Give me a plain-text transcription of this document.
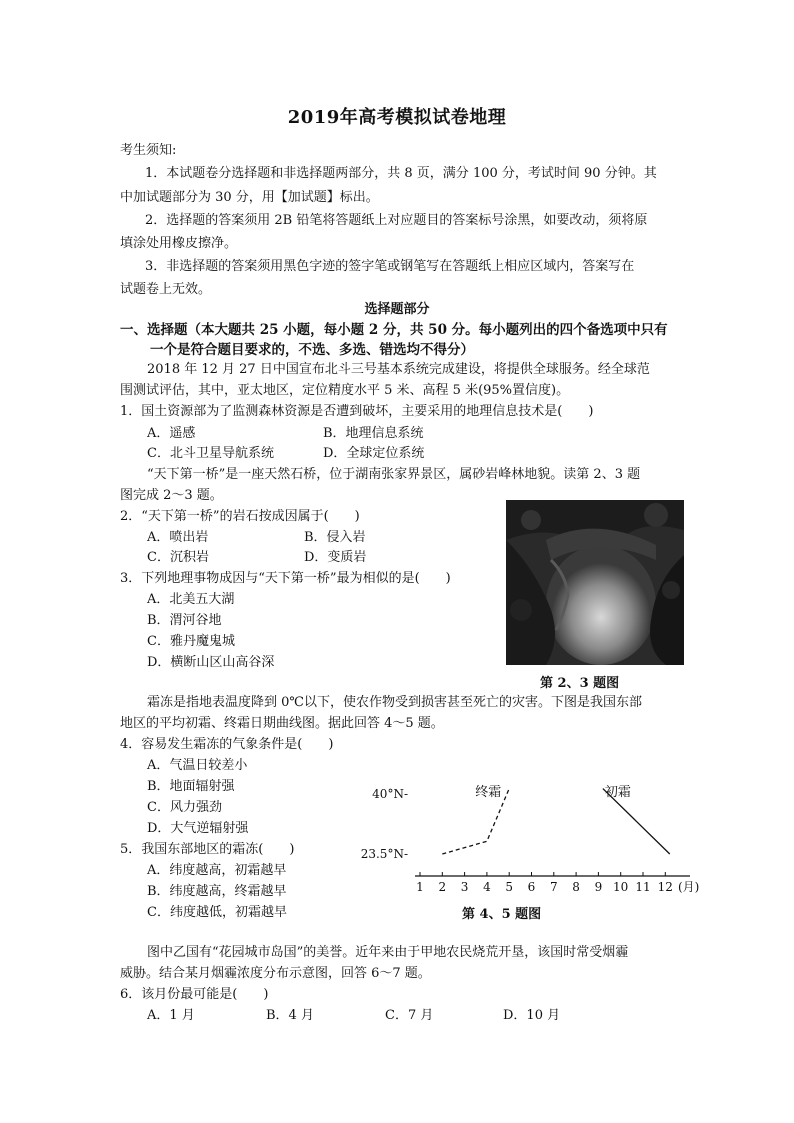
2019年高考模拟试卷地理
考生须知:
1．本试题卷分选择题和非选择题两部分，共 8 页，满分 100 分，考试时间 90 分钟。其
中加试题部分为 30 分，用【加试题】标出。
2．选择题的答案须用 2B 铅笔将答题纸上对应题目的答案标号涂黑，如要改动，须将原
填涂处用橡皮擦净。
3．非选择题的答案须用黑色字迹的签字笔或钢笔写在答题纸上相应区域内，答案写在
试题卷上无效。
选择题部分
一、选择题（本大题共 25 小题，每小题 2 分，共 50 分。每小题列出的四个备选项中只有
一个是符合题目要求的，不选、多选、错选均不得分）
2018 年 12 月 27 日中国宣布北斗三号基本系统完成建设，将提供全球服务。经全球范
围测试评估，其中，亚太地区，定位精度水平 5 米、高程 5 米(95%置信度)。
1．国土资源部为了监测森林资源是否遭到破坏，主要采用的地理信息技术是(　　)
A．遥感	B．地理信息系统
C．北斗卫星导航系统	D．全球定位系统
“天下第一桥”是一座天然石桥，位于湖南张家界景区，属砂岩峰林地貌。读第 2、3 题
图完成 2～3 题。
2．“天下第一桥”的岩石按成因属于(　　)
A．喷出岩	B．侵入岩
C．沉积岩	D．变质岩
3．下列地理事物成因与“天下第一桥”最为相似的是(　　)
A．北美五大湖
B．渭河谷地
C．雅丹魔鬼城
D．横断山区山高谷深
第 2、3 题图
霜冻是指地表温度降到 0℃以下，使农作物受到损害甚至死亡的灾害。下图是我国东部
地区的平均初霜、终霜日期曲线图。据此回答 4～5 题。
4．容易发生霜冻的气象条件是(　　)
A．气温日较差小
B．地面辐射强
C．风力强劲
D．大气逆辐射强
5．我国东部地区的霜冻(　　)
A．纬度越高，初霜越早
B．纬度越高，终霜越早
C．纬度越低，初霜越早
1 2 3 4 5 6 7 8 9 10 11 12 (月)
23.5°N-
40°N-	终霜	初霜
第 4、5 题图
图中乙国有“花园城市岛国”的美誉。近年来由于甲地农民烧荒开垦，该国时常受烟霾
威胁。结合某月烟霾浓度分布示意图，回答 6～7 题。
6．该月份最可能是(　　)
A．1 月	B．4 月	C．7 月	D．10 月
